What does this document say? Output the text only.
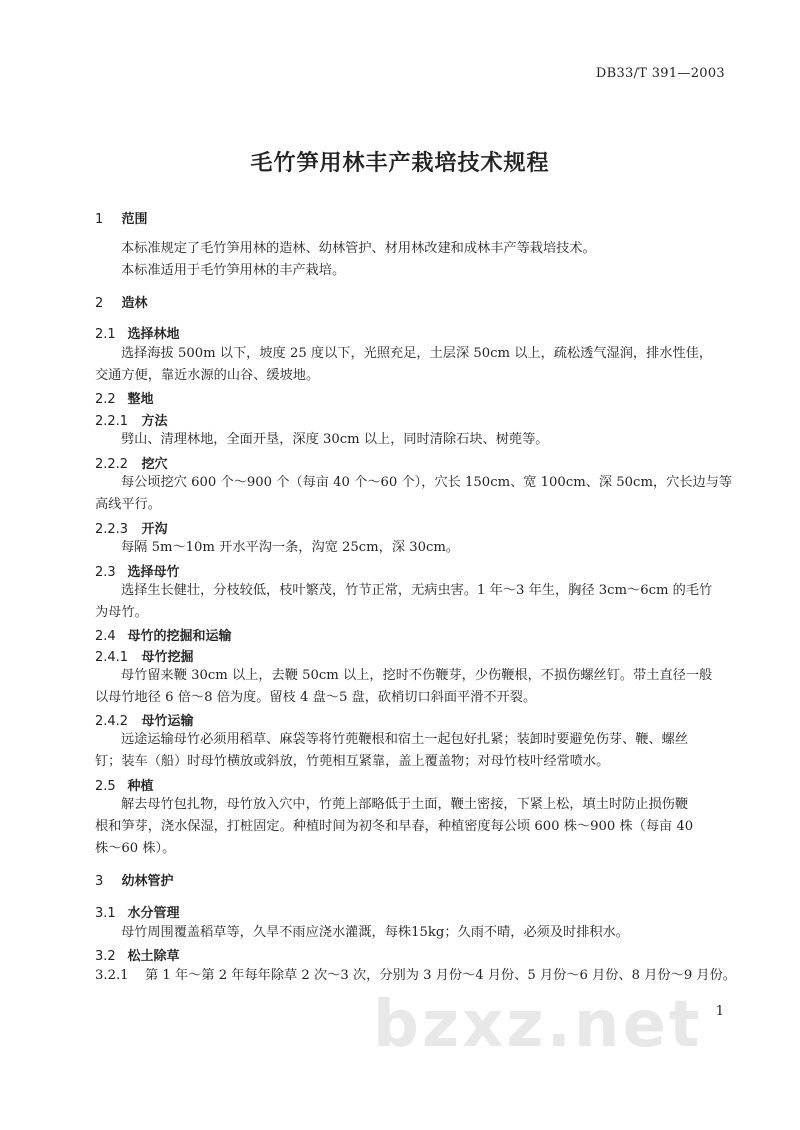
DB33/T 391—2003
毛竹笋用林丰产栽培技术规程
1 范围
本标准规定了毛竹笋用林的造林、幼林管护、材用林改建和成林丰产等栽培技术。
本标准适用于毛竹笋用林的丰产栽培。
2 造林
2.1 选择林地
选择海拔 500m 以下，坡度 25 度以下，光照充足，土层深 50cm 以上，疏松透气湿润，排水性佳，
交通方便，靠近水源的山谷、缓坡地。
2.2 整地
2.2.1 方法
劈山、清理林地，全面开垦，深度 30cm 以上，同时清除石块、树蔸等。
2.2.2 挖穴
每公顷挖穴 600 个～900 个（每亩 40 个～60 个），穴长 150cm、宽 100cm、深 50cm，穴长边与等
高线平行。
2.2.3 开沟
每隔 5m～10m 开水平沟一条，沟宽 25cm，深 30cm。
2.3 选择母竹
选择生长健壮，分枝较低，枝叶繁茂，竹节正常，无病虫害。1 年～3 年生，胸径 3cm～6cm 的毛竹
为母竹。
2.4 母竹的挖掘和运输
2.4.1 母竹挖掘
母竹留来鞭 30cm 以上，去鞭 50cm 以上，挖时不伤鞭芽，少伤鞭根，不损伤螺丝钉。带土直径一般
以母竹地径 6 倍～8 倍为度。留枝 4 盘～5 盘，砍梢切口斜面平滑不开裂。
2.4.2 母竹运输
远途运输母竹必须用稻草、麻袋等将竹蔸鞭根和宿土一起包好扎紧；装卸时要避免伤芽、鞭、螺丝
钉；装车（船）时母竹横放或斜放，竹蔸相互紧靠，盖上覆盖物；对母竹枝叶经常喷水。
2.5 种植
解去母竹包扎物，母竹放入穴中，竹蔸上部略低于土面，鞭土密接，下紧上松，填土时防止损伤鞭
根和笋芽，浇水保湿，打桩固定。种植时间为初冬和早春，种植密度每公顷 600 株～900 株（每亩 40
株～60 株）。
3 幼林管护
3.1 水分管理
母竹周围覆盖稻草等，久旱不雨应浇水灌溉，每株15kg；久雨不晴，必须及时排积水。
3.2 松土除草
3.2.1 第 1 年～第 2 年每年除草 2 次～3 次，分别为 3 月份～4 月份、5 月份～6 月份、8 月份～9 月份。
bzxz.net 1
